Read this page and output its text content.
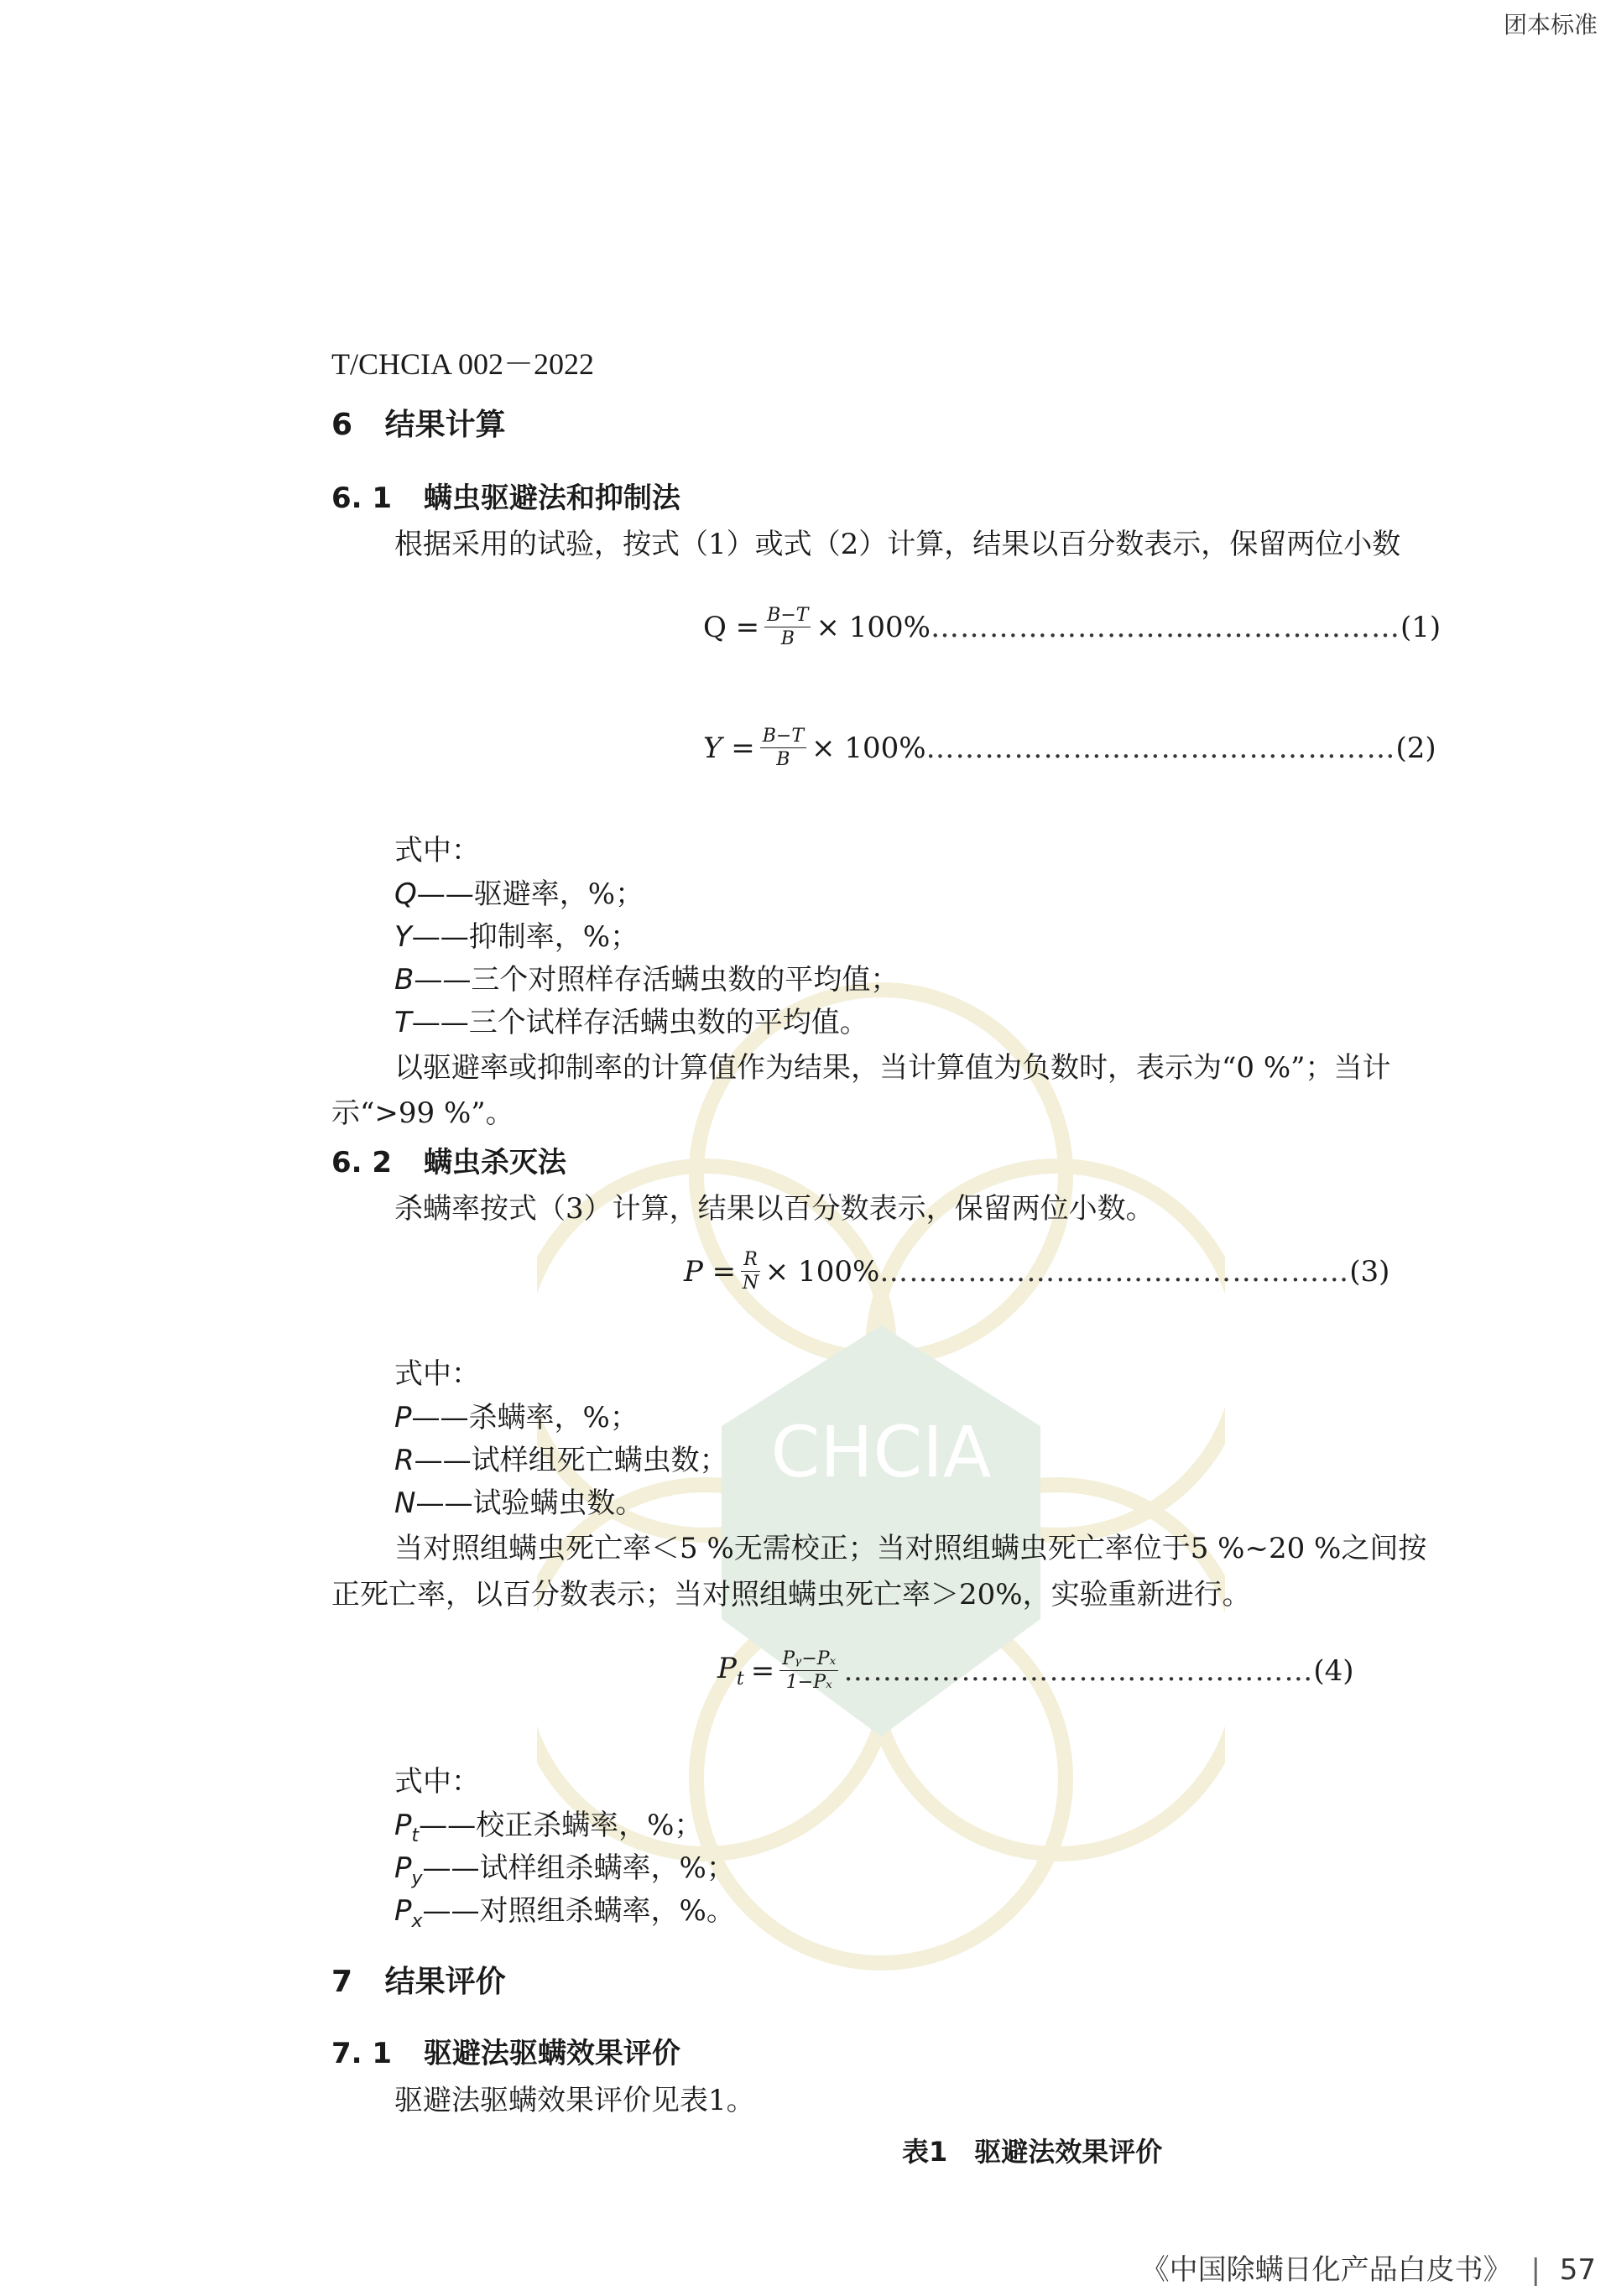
CHCIA
团本标准
T/CHCIA 002－2022
6 结果计算
6. 1 螨虫驱避法和抑制法
根据采用的试验，按式（1）或式（2）计算，结果以百分数表示，保留两位小数
$Q = \frac{B-T}{B} \times 100\%$ ………………………………………… (1)
$Y = \frac{B-T}{B} \times 100\%$ ………………………………………… (2)
式中：
Q——驱避率，%；
Y——抑制率，%；
B——三个对照样存活螨虫数的平均值；
T——三个试样存活螨虫数的平均值。
以驱避率或抑制率的计算值作为结果，当计算值为负数时，表示为“0 %”；当计
示“>99 %”。
6. 2 螨虫杀灭法
杀螨率按式（3）计算，结果以百分数表示，保留两位小数。
$P = \frac{R}{N} \times 100\%$ ………………………………………… (3)
式中：
P——杀螨率，%；
R——试样组死亡螨虫数；
N——试验螨虫数。
当对照组螨虫死亡率＜5 %无需校正；当对照组螨虫死亡率位于5 %~20 %之间按
正死亡率，以百分数表示；当对照组螨虫死亡率＞20%，实验重新进行。
$P_t = \frac{\text{Pᵧ−Pₓ}}{\text{1−Pₓ}}$ ………………………………………… (4)
式中：
$P_t——$校正杀螨率，%；
$P_y——$试样组杀螨率，%；
$P_x——$对照组杀螨率，%。
7 结果评价
7. 1 驱避法驱螨效果评价
驱避法驱螨效果评价见表1。
表1　驱避法效果评价
《中国除螨日化产品白皮书》 | 57
